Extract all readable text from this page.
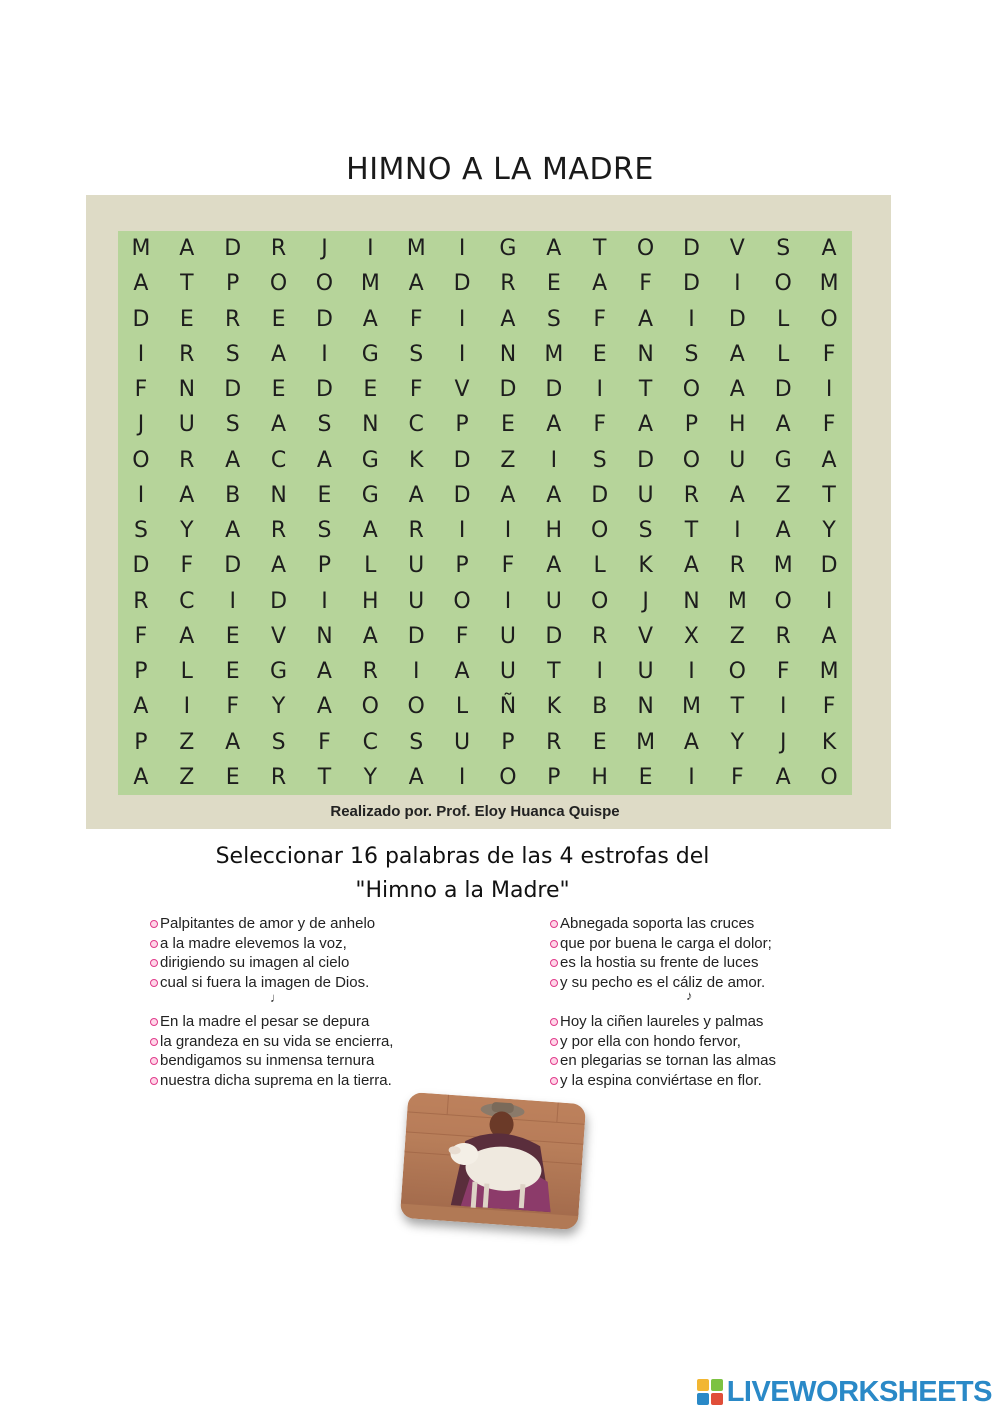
HIMNO A LA MADRE
M	A	D	R	J	I	M	I	G	A	T	O	D	V	S	A
A	T	P	O	O	M	A	D	R	E	A	F	D	I	O	M
D	E	R	E	D	A	F	I	A	S	F	A	I	D	L	O
I	R	S	A	I	G	S	I	N	M	E	N	S	A	L	F
F	N	D	E	D	E	F	V	D	D	I	T	O	A	D	I
J	U	S	A	S	N	C	P	E	A	F	A	P	H	A	F
O	R	A	C	A	G	K	D	Z	I	S	D	O	U	G	A
I	A	B	N	E	G	A	D	A	A	D	U	R	A	Z	T
S	Y	A	R	S	A	R	I	I	H	O	S	T	I	A	Y
D	F	D	A	P	L	U	P	F	A	L	K	A	R	M	D
R	C	I	D	I	H	U	O	I	U	O	J	N	M	O	I
F	A	E	V	N	A	D	F	U	D	R	V	X	Z	R	A
P	L	E	G	A	R	I	A	U	T	I	U	I	O	F	M
A	I	F	Y	A	O	O	L	Ñ	K	B	N	M	T	I	F
P	Z	A	S	F	C	S	U	P	R	E	M	A	Y	J	K
A	Z	E	R	T	Y	A	I	O	P	H	E	I	F	A	O
Realizado por. Prof. Eloy Huanca Quispe
Seleccionar 16 palabras de las 4 estrofas del
"Himno a la Madre"
Palpitantes de amor y de anhelo
a la madre elevemos la voz,
dirigiendo su imagen al cielo
cual si fuera la imagen de Dios.
Abnegada soporta las cruces
que por buena le carga el dolor;
es la hostia su frente de luces
y su pecho es el cáliz de amor.
♩	♪
En la madre el pesar se depura
la grandeza en su vida se encierra,
bendigamos su inmensa ternura
nuestra dicha suprema en la tierra.
Hoy la ciñen laureles y palmas
y por ella con hondo fervor,
en plegarias se tornan las almas
y la espina conviértase en flor.
LIVEWORKSHEETS
